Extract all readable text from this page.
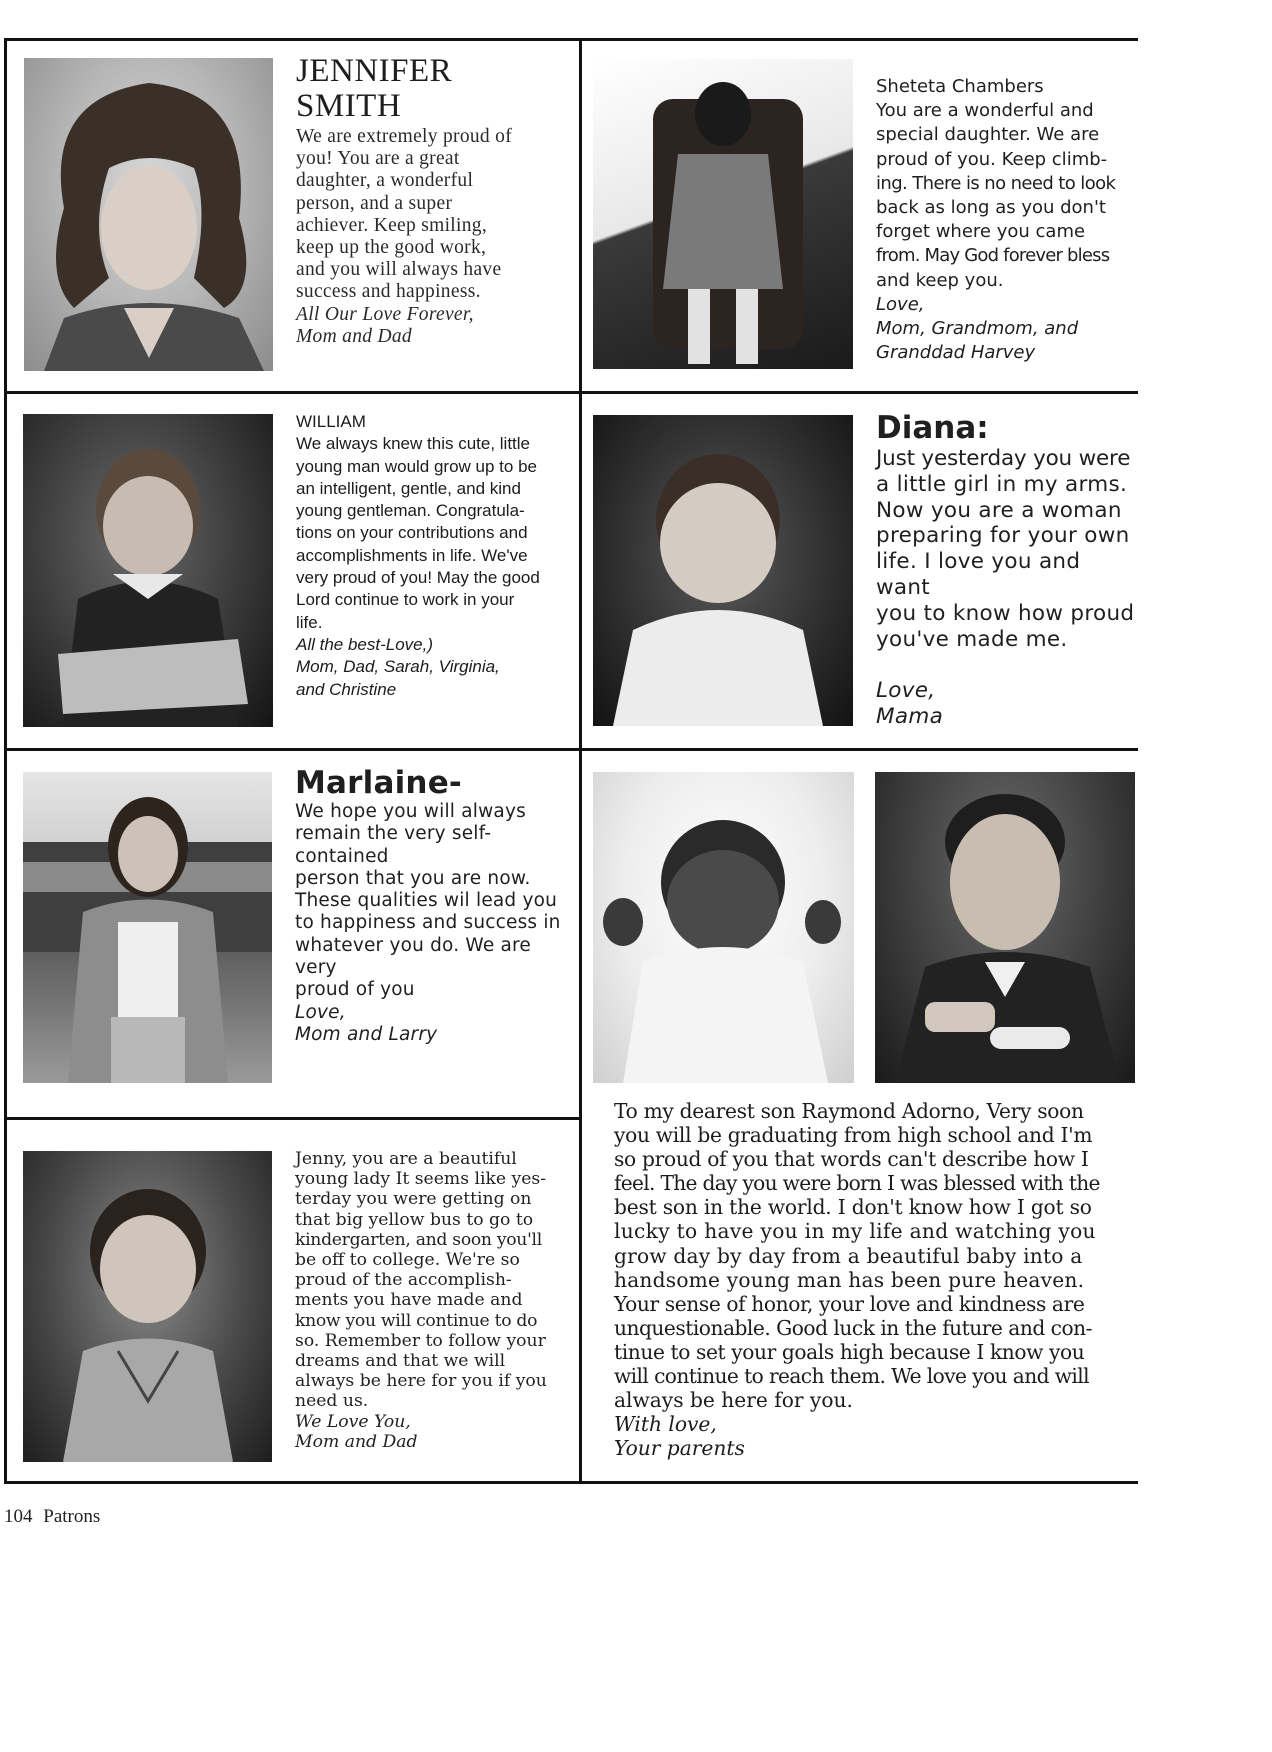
JENNIFER
SMITH
We are extremely proud of
you! You are a great
daughter, a wonderful
person, and a super
achiever. Keep smiling,
keep up the good work,
and you will always have
success and happiness.
All Our Love Forever,
Mom and Dad
Sheteta Chambers
You are a wonderful and
special daughter. We are
proud of you. Keep climb-
ing. There is no need to look
back as long as you don't
forget where you came
from. May God forever bless
and keep you.
Love,
Mom, Grandmom, and
Granddad Harvey
WILLIAM
We always knew this cute, little
young man would grow up to be
an intelligent, gentle, and kind
young gentleman. Congratula-
tions on your contributions and
accomplishments in life. We've
very proud of you! May the good
Lord continue to work in your
life.
All the best-Love,)
Mom, Dad, Sarah, Virginia,
and Christine
Diana:
Just yesterday you were
a little girl in my arms.
Now you are a woman
preparing for your own
life. I love you and want
you to know how proud
you've made me.
Love,
Mama
Marlaine-
We hope you will always
remain the very self-contained
person that you are now.
These qualities wil lead you
to happiness and success in
whatever you do. We are very
proud of you
Love,
Mom and Larry
To my dearest son Raymond Adorno, Very soon
you will be graduating from high school and I'm
so proud of you that words can't describe how I
feel. The day you were born I was blessed with the
best son in the world. I don't know how I got so
lucky to have you in my life and watching you
grow day by day from a beautiful baby into a
handsome young man has been pure heaven.
Your sense of honor, your love and kindness are
unquestionable. Good luck in the future and con-
tinue to set your goals high because I know you
will continue to reach them. We love you and will
always be here for you.
With love,
Your parents
Jenny, you are a beautiful
young lady It seems like yes-
terday you were getting on
that big yellow bus to go to
kindergarten, and soon you'll
be off to college. We're so
proud of the accomplish-
ments you have made and
know you will continue to do
so. Remember to follow your
dreams and that we will
always be here for you if you
need us.
We Love You,
Mom and Dad
104 Patrons
